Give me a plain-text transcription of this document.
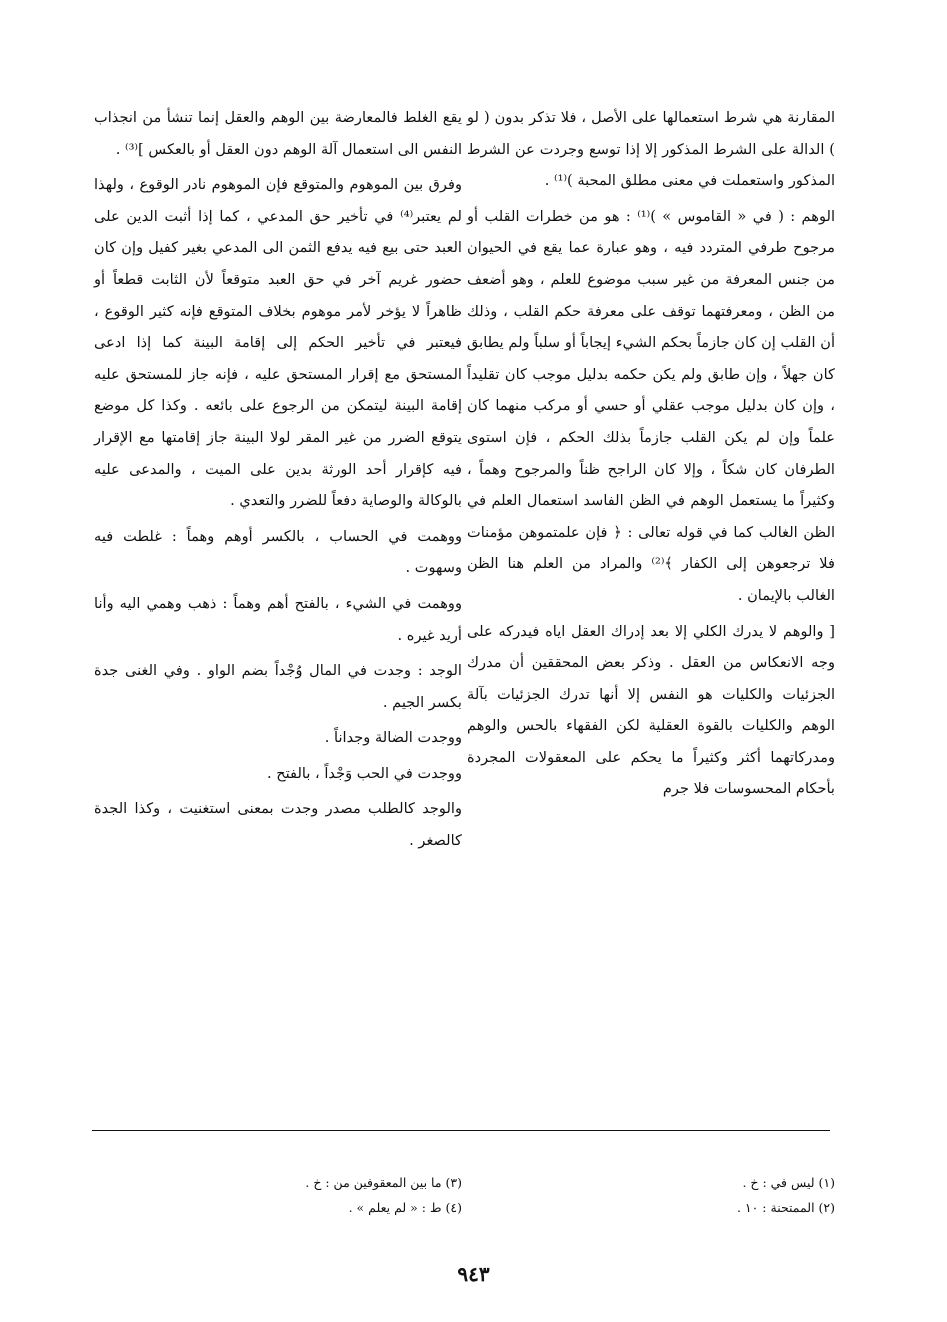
المقارنة هي شرط استعمالها على الأصل ، فلا تذكر بدون ( لو ) الدالة على الشرط المذكور إلا إذا توسع وجردت عن الشرط المذكور واستعملت في معنى مطلق المحبة )⁽¹⁾ .

الوهم : ( في « القاموس » )⁽¹⁾ : هو من خطرات القلب أو مرجوح طرفي المتردد فيه ، وهو عبارة عما يقع في الحيوان من جنس المعرفة من غير سبب موضوع للعلم ، وهو أضعف من الظن ، ومعرفتهما توقف على معرفة حكم القلب ، وذلك أن القلب إن كان جازماً بحكم الشيء إيجاباً أو سلباً ولم يطابق كان جهلاً ، وإن طابق ولم يكن حكمه بدليل موجب كان تقليداً ، وإن كان بدليل موجب عقلي أو حسي أو مركب منهما كان علماً وإن لم يكن القلب جازماً بذلك الحكم ، فإن استوى الطرفان كان شكاً ، وإلا كان الراجح ظناً والمرجوح وهماً ، وكثيراً ما يستعمل الوهم في الظن الفاسد استعمال العلم في الظن الغالب كما في قوله تعالى : ﴿ فإن علمتموهن مؤمنات فلا ترجعوهن إلى الكفار ﴾⁽²⁾ والمراد من العلم هنا الظن الغالب بالإيمان .

[ والوهم لا يدرك الكلي إلا بعد إدراك العقل اياه فيدركه على وجه الانعكاس من العقل . وذكر بعض المحققين أن مدرك الجزئيات والكليات هو النفس إلا أنها تدرك الجزئيات بآلة الوهم والكليات بالقوة العقلية لكن الفقهاء بالحس والوهم ومدركاتهما أكثر وكثيراً ما يحكم على المعقولات المجردة بأحكام المحسوسات فلا جرم

يقع الغلط فالمعارضة بين الوهم والعقل إنما تنشأ من انجذاب النفس الى استعمال آلة الوهم دون العقل أو بالعكس ]⁽³⁾ .

وفرق بين الموهوم والمتوقع فإن الموهوم نادر الوقوع ، ولهذا لم يعتبر⁽⁴⁾ في تأخير حق المدعي ، كما إذا أثبت الدين على العبد حتى بيع فيه يدفع الثمن الى المدعي بغير كفيل وإن كان حضور غريم آخر في حق العبد متوقعاً لأن الثابت قطعاً أو ظاهراً لا يؤخر لأمر موهوم بخلاف المتوقع فإنه كثير الوقوع ، فيعتبر في تأخير الحكم إلى إقامة البينة كما إذا ادعى المستحق مع إقرار المستحق عليه ، فإنه جاز للمستحق عليه إقامة البينة ليتمكن من الرجوع على بائعه . وكذا كل موضع يتوقع الضرر من غير المقر لولا البينة جاز إقامتها مع الإقرار فيه كإقرار أحد الورثة بدين على الميت ، والمدعى عليه بالوكالة والوصاية دفعاً للضرر والتعدي .

ووهمت في الحساب ، بالكسر أوهم وهماً : غلطت فيه وسهوت .

ووهمت في الشيء ، بالفتح أهم وهماً : ذهب وهمي اليه وأنا أريد غيره .

الوجد : وجدت في المال وُجْداً بضم الواو . وفي الغنى جدة بكسر الجيم .

ووجدت الضالة وجداناً .

ووجدت في الحب وَجْداً ، بالفتح .

والوجد كالطلب مصدر وجدت بمعنى استغنيت ، وكذا الجدة كالصغر .

(١) ليس في : خ .
(٢) الممتحنة : ١٠ .
(٣) ما بين المعقوفين من : خ .
(٤) ط : « لم يعلم » .
٩٤٣
